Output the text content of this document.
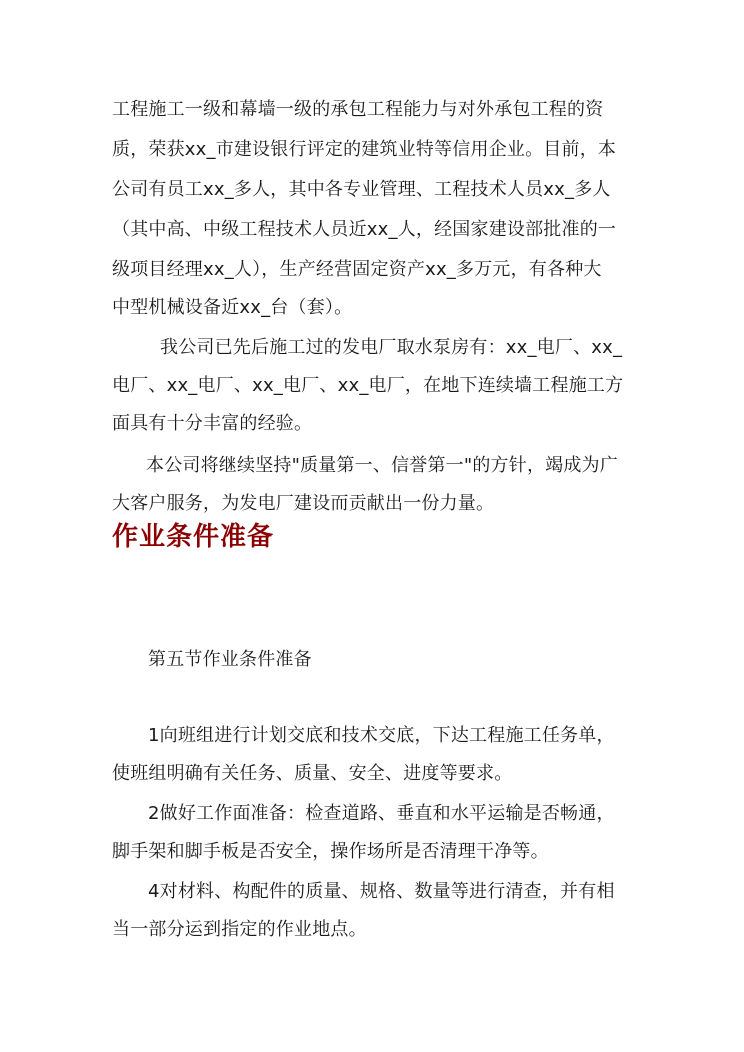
工程施工一级和幕墙一级的承包工程能力与对外承包工程的资
质，荣获xx_市建设银行评定的建筑业特等信用企业。目前，本
公司有员工xx_多人，其中各专业管理、工程技术人员xx_多人
（其中高、中级工程技术人员近xx_人，经国家建设部批准的一
级项目经理xx_人），生产经营固定资产xx_多万元，有各种大
中型机械设备近xx_台（套）。
我公司已先后施工过的发电厂取水泵房有：xx_电厂、xx_
电厂、xx_电厂、xx_电厂、xx_电厂，在地下连续墙工程施工方
面具有十分丰富的经验。
本公司将继续坚持"质量第一、信誉第一"的方针，竭成为广
大客户服务，为发电厂建设而贡献出一份力量。
作业条件准备
第五节作业条件准备
1向班组进行计划交底和技术交底，下达工程施工任务单，
使班组明确有关任务、质量、安全、进度等要求。
2做好工作面准备：检查道路、垂直和水平运输是否畅通，
脚手架和脚手板是否安全，操作场所是否清理干净等。
4对材料、构配件的质量、规格、数量等进行清查，并有相
当一部分运到指定的作业地点。
